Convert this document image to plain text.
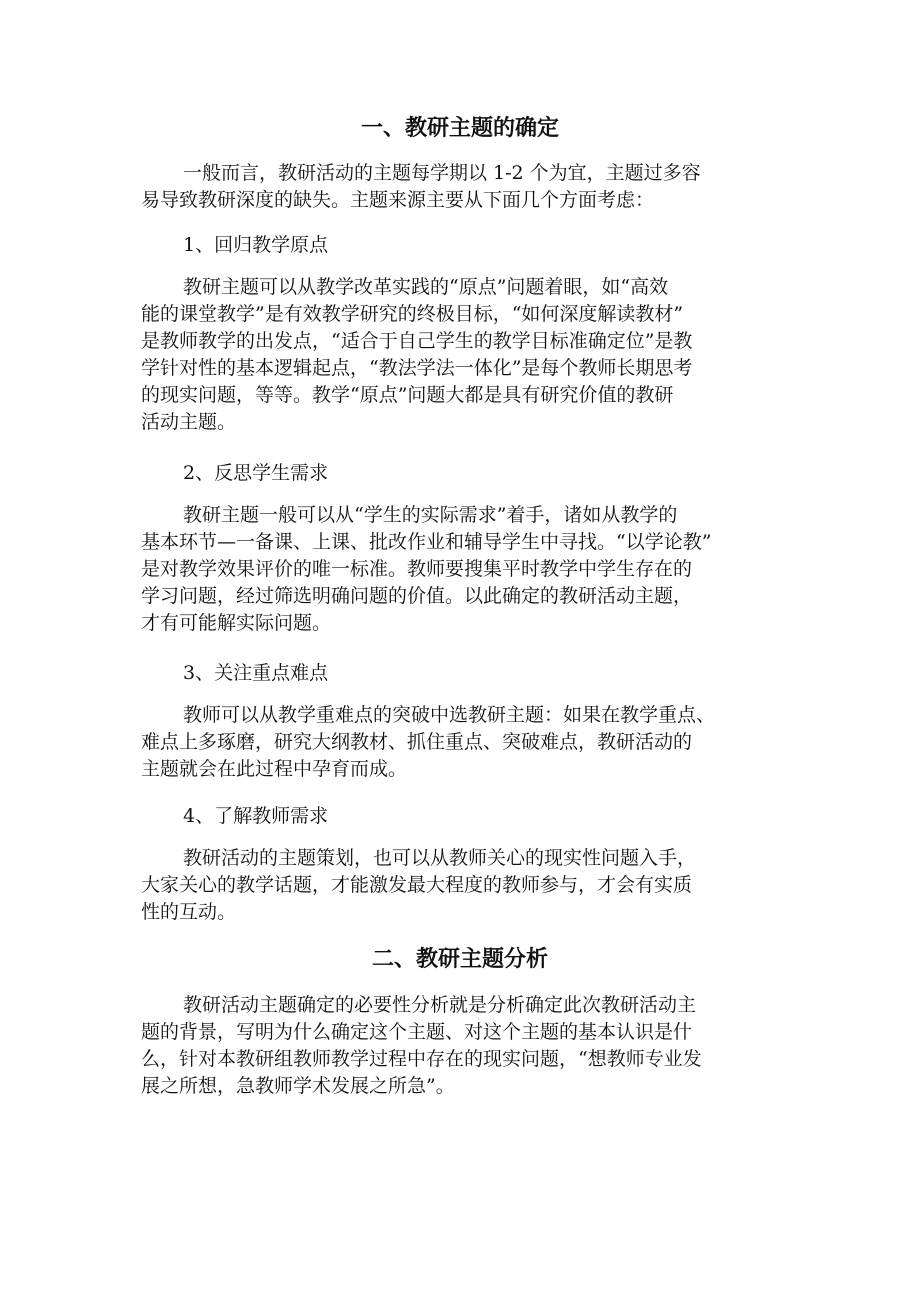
一、教研主题的确定

一般而言，教研活动的主题每学期以 1-2 个为宜，主题过多容
易导致教研深度的缺失。主题来源主要从下面几个方面考虑：

1、回归教学原点

教研主题可以从教学改革实践的“原点”问题着眼，如“高效
能的课堂教学”是有效教学研究的终极目标，“如何深度解读教材”
是教师教学的出发点，“适合于自己学生的教学目标准确定位”是教
学针对性的基本逻辑起点，“教法学法一体化”是每个教师长期思考
的现实问题，等等。教学“原点”问题大都是具有研究价值的教研
活动主题。

2、反思学生需求

教研主题一般可以从“学生的实际需求”着手，诸如从教学的
基本环节—一备课、上课、批改作业和辅导学生中寻找。“以学论教”
是对教学效果评价的唯一标准。教师要搜集平时教学中学生存在的
学习问题，经过筛选明确问题的价值。以此确定的教研活动主题，
才有可能解实际问题。

3、关注重点难点

教师可以从教学重难点的突破中选教研主题：如果在教学重点、
难点上多琢磨，研究大纲教材、抓住重点、突破难点，教研活动的
主题就会在此过程中孕育而成。

4、了解教师需求

教研活动的主题策划，也可以从教师关心的现实性问题入手，
大家关心的教学话题，才能激发最大程度的教师参与，才会有实质
性的互动。

二、教研主题分析

教研活动主题确定的必要性分析就是分析确定此次教研活动主
题的背景，写明为什么确定这个主题、对这个主题的基本认识是什
么，针对本教研组教师教学过程中存在的现实问题，“想教师专业发
展之所想，急教师学术发展之所急”。
